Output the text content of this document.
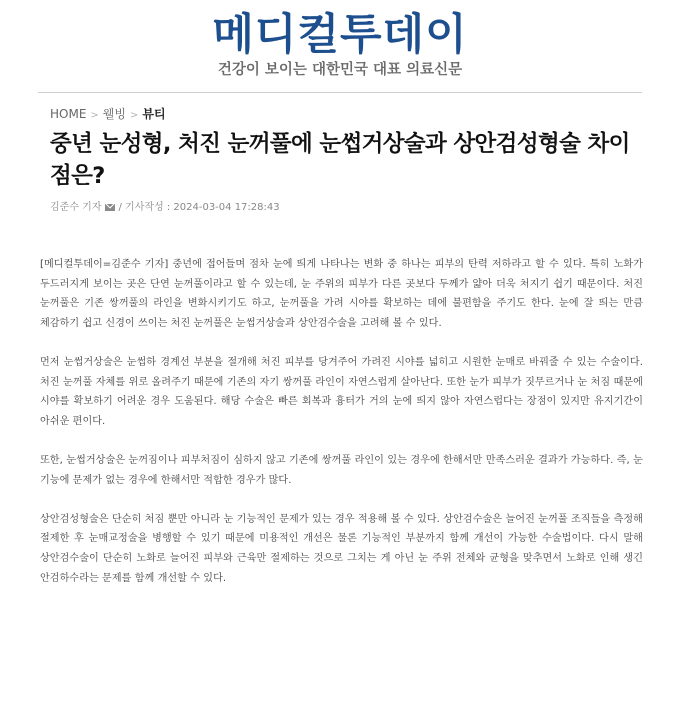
메디컬투데이
건강이 보이는 대한민국 대표 의료신문
HOME > 웰빙 > 뷰티
중년 눈성형, 처진 눈꺼풀에 눈썹거상술과 상안검성형술 차이점은?
김준수 기자 / 기사작성 : 2024-03-04 17:28:43

[메디컬투데이=김준수 기자] 중년에 접어들며 점차 눈에 띄게 나타나는 변화 중 하나는 피부의 탄력 저하라고 할 수 있다. 특히 노화가 두드러지게 보이는 곳은 단연 눈꺼풀이라고 할 수 있는데, 눈 주위의 피부가 다른 곳보다 두께가 얇아 더욱 처지기 쉽기 때문이다. 처진 눈꺼풀은 기존 쌍꺼풀의 라인을 변화시키기도 하고, 눈꺼풀을 가려 시야를 확보하는 데에 불편함을 주기도 한다. 눈에 잘 띄는 만큼 체감하기 쉽고 신경이 쓰이는 처진 눈꺼풀은 눈썹거상술과 상안검수술을 고려해 볼 수 있다.

먼저 눈썹거상술은 눈썹하 경계선 부분을 절개해 처진 피부를 당겨주어 가려진 시야를 넓히고 시원한 눈매로 바꿔줄 수 있는 수술이다. 처진 눈꺼풀 자체를 위로 올려주기 때문에 기존의 자기 쌍꺼풀 라인이 자연스럽게 살아난다. 또한 눈가 피부가 짓무르거나 눈 처짐 때문에 시야를 확보하기 어려운 경우 도움된다. 해당 수술은 빠른 회복과 흉터가 거의 눈에 띄지 않아 자연스럽다는 장점이 있지만 유지기간이 아쉬운 편이다.

또한, 눈썹거상술은 눈꺼짐이나 피부처짐이 심하지 않고 기존에 쌍꺼풀 라인이 있는 경우에 한해서만 만족스러운 결과가 가능하다. 즉, 눈 기능에 문제가 없는 경우에 한해서만 적합한 경우가 많다.

상안검성형술은 단순히 처짐 뿐만 아니라 눈 기능적인 문제가 있는 경우 적용해 볼 수 있다. 상안검수술은 늘어진 눈꺼풀 조직들을 측정해 절제한 후 눈매교정술을 병행할 수 있기 때문에 미용적인 개선은 물론 기능적인 부분까지 함께 개선이 가능한 수술법이다. 다시 말해 상안검수술이 단순히 노화로 늘어진 피부와 근육만 절제하는 것으로 그치는 게 아닌 눈 주위 전체와 균형을 맞추면서 노화로 인해 생긴 안검하수라는 문제를 함께 개선할 수 있다.
